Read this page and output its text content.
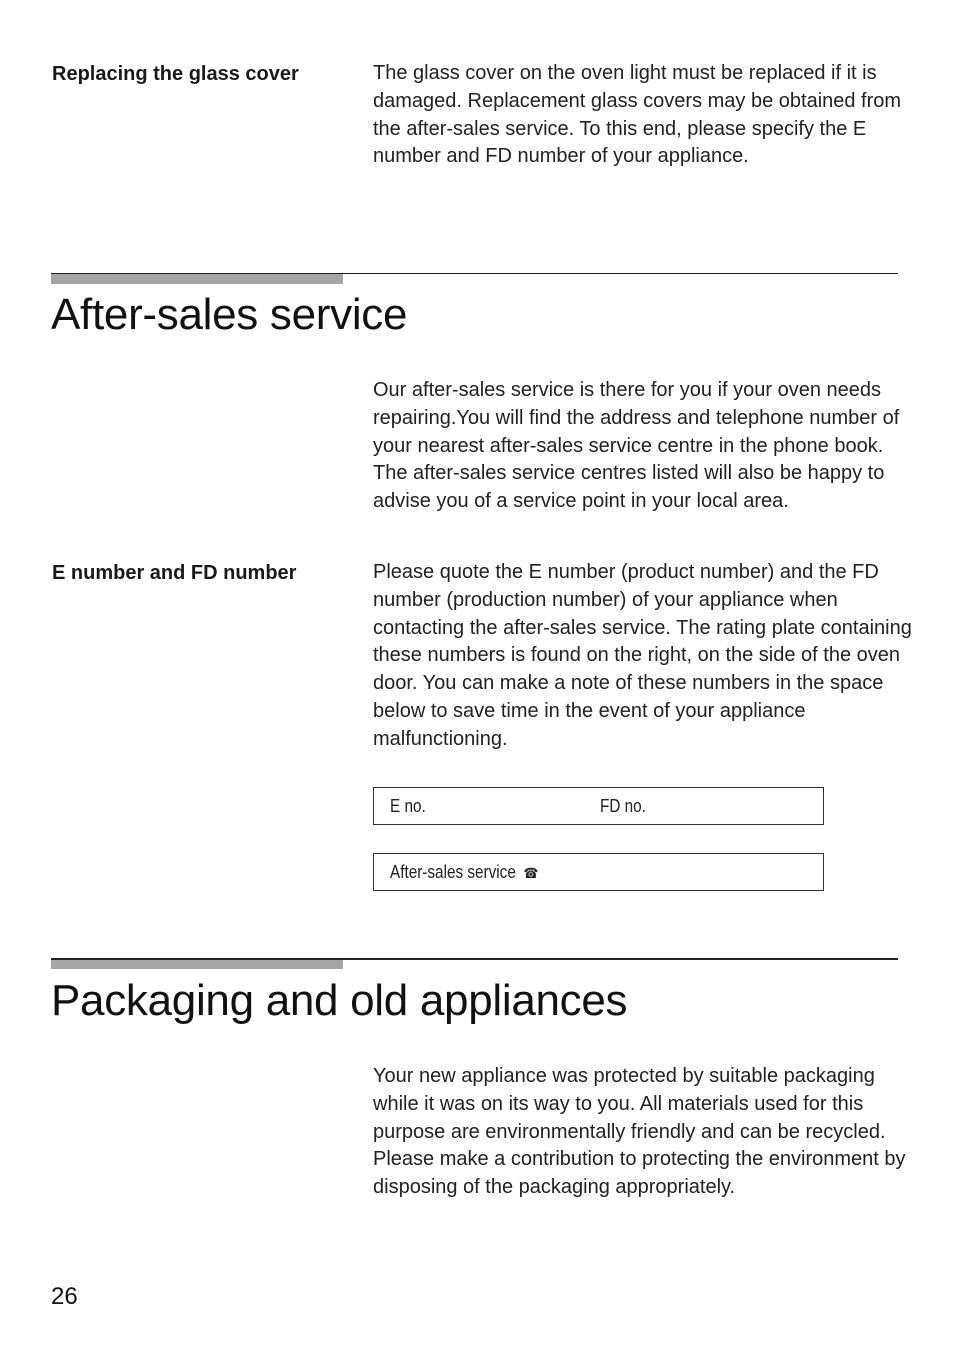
Replacing the glass cover	The glass cover on the oven light must be replaced if it is damaged. Replacement glass covers may be obtained from the after-sales service. To this end, please specify the E number and FD number of your appliance.

After-sales service

Our after-sales service is there for you if your oven needs repairing.You will find the address and telephone number of your nearest after-sales service centre in the phone book. The after-sales service centres listed will also be happy to advise you of a service point in your local area.

E number and FD number	Please quote the E number (product number) and the FD number (production number) of your appliance when contacting the after-sales service. The rating plate containing these numbers is found on the right, on the side of the oven door. You can make a note of these numbers in the space below to save time in the event of your appliance malfunctioning.

E no.	FD no.
After-sales service ☎
Packaging and old appliances

Your new appliance was protected by suitable packaging while it was on its way to you. All materials used for this purpose are environmentally friendly and can be recycled. Please make a contribution to protecting the environment by disposing of the packaging appropriately.

26
